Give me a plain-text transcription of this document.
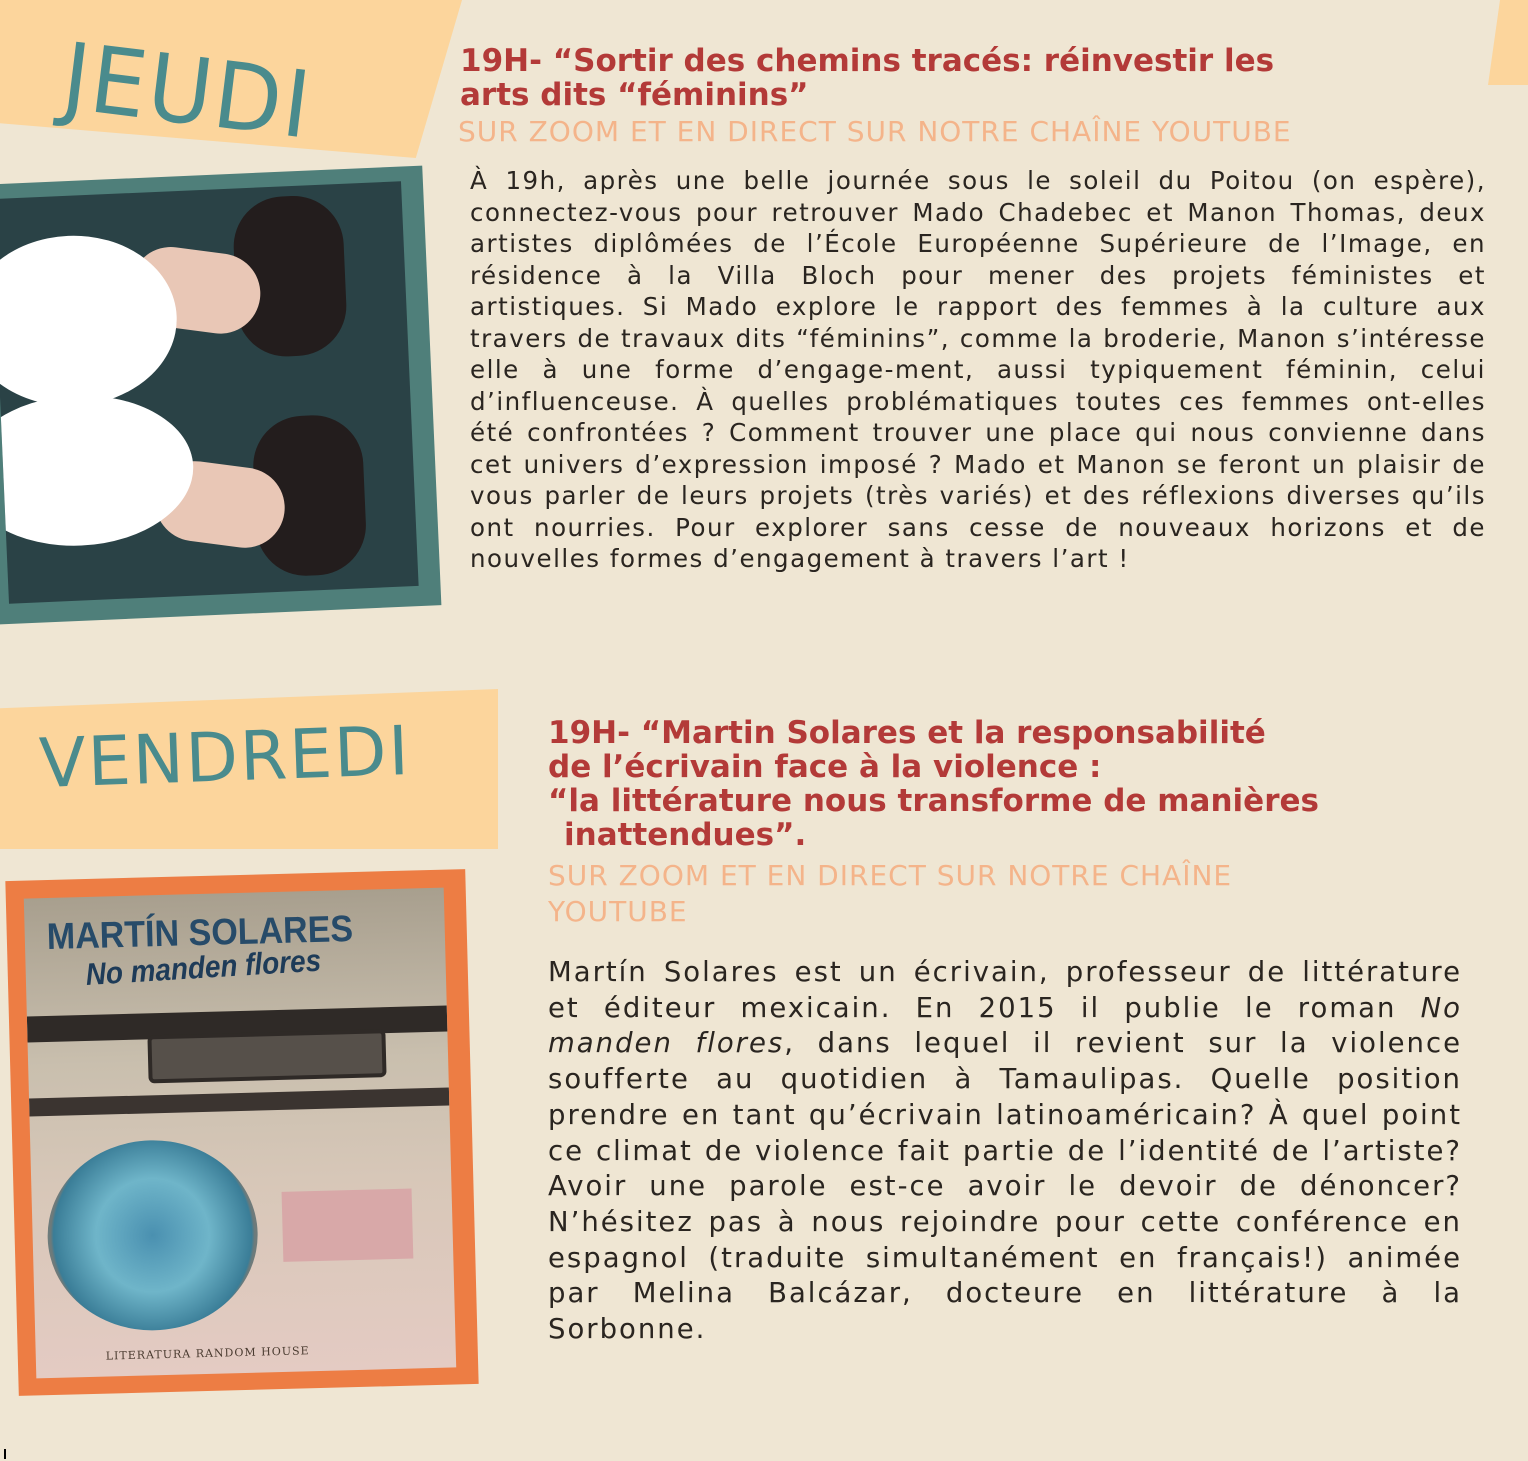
JEUDI	19H- “Sortir des chemins tracés: réinvestir les
arts dits “féminins”
SUR ZOOM ET EN DIRECT SUR NOTRE CHAÎNE YOUTUBE
À 19h, après une belle journée sous le soleil du Poitou (on espère), connectez-vous pour retrouver Mado Chadebec et Manon Thomas, deux artistes diplômées de l’École Européenne Supérieure de l’Image, en résidence à la Villa Bloch pour mener des projets féministes et artistiques. Si Mado explore le rapport des femmes à la culture aux travers de travaux dits “féminins”, comme la broderie, Manon s’intéresse elle à une forme d’engage-ment, aussi typiquement féminin, celui d’influenceuse. À quelles problématiques toutes ces femmes ont-elles été confrontées ? Comment trouver une place qui nous convienne dans cet univers d’expression imposé ? Mado et Manon se feront un plaisir de vous parler de leurs projets (très variés) et des réflexions diverses qu’ils ont nourries. Pour explorer sans cesse de nouveaux horizons et de nouvelles formes d’engagement à travers l’art !
VENDREDI	19H- “Martin Solares et la responsabilité
de l’écrivain face à la violence :
“la littérature nous transforme de manières
inattendues”.
SUR ZOOM ET EN DIRECT SUR NOTRE CHAÎNE
YOUTUBE
MARTÍN SOLARES
No manden flores
LITERATURA RANDOM HOUSE
Martín Solares est un écrivain, professeur de littérature et éditeur mexicain. En 2015 il publie le roman No manden flores, dans lequel il revient sur la violence soufferte au quotidien à Tamaulipas. Quelle position prendre en tant qu’écrivain latinoaméricain? À quel point ce climat de violence fait partie de l’identité de l’artiste? Avoir une parole est-ce avoir le devoir de dénoncer? N’hésitez pas à nous rejoindre pour cette conférence en espagnol (traduite simultanément en français!) animée par Melina Balcázar, docteure en littérature à la Sorbonne.
